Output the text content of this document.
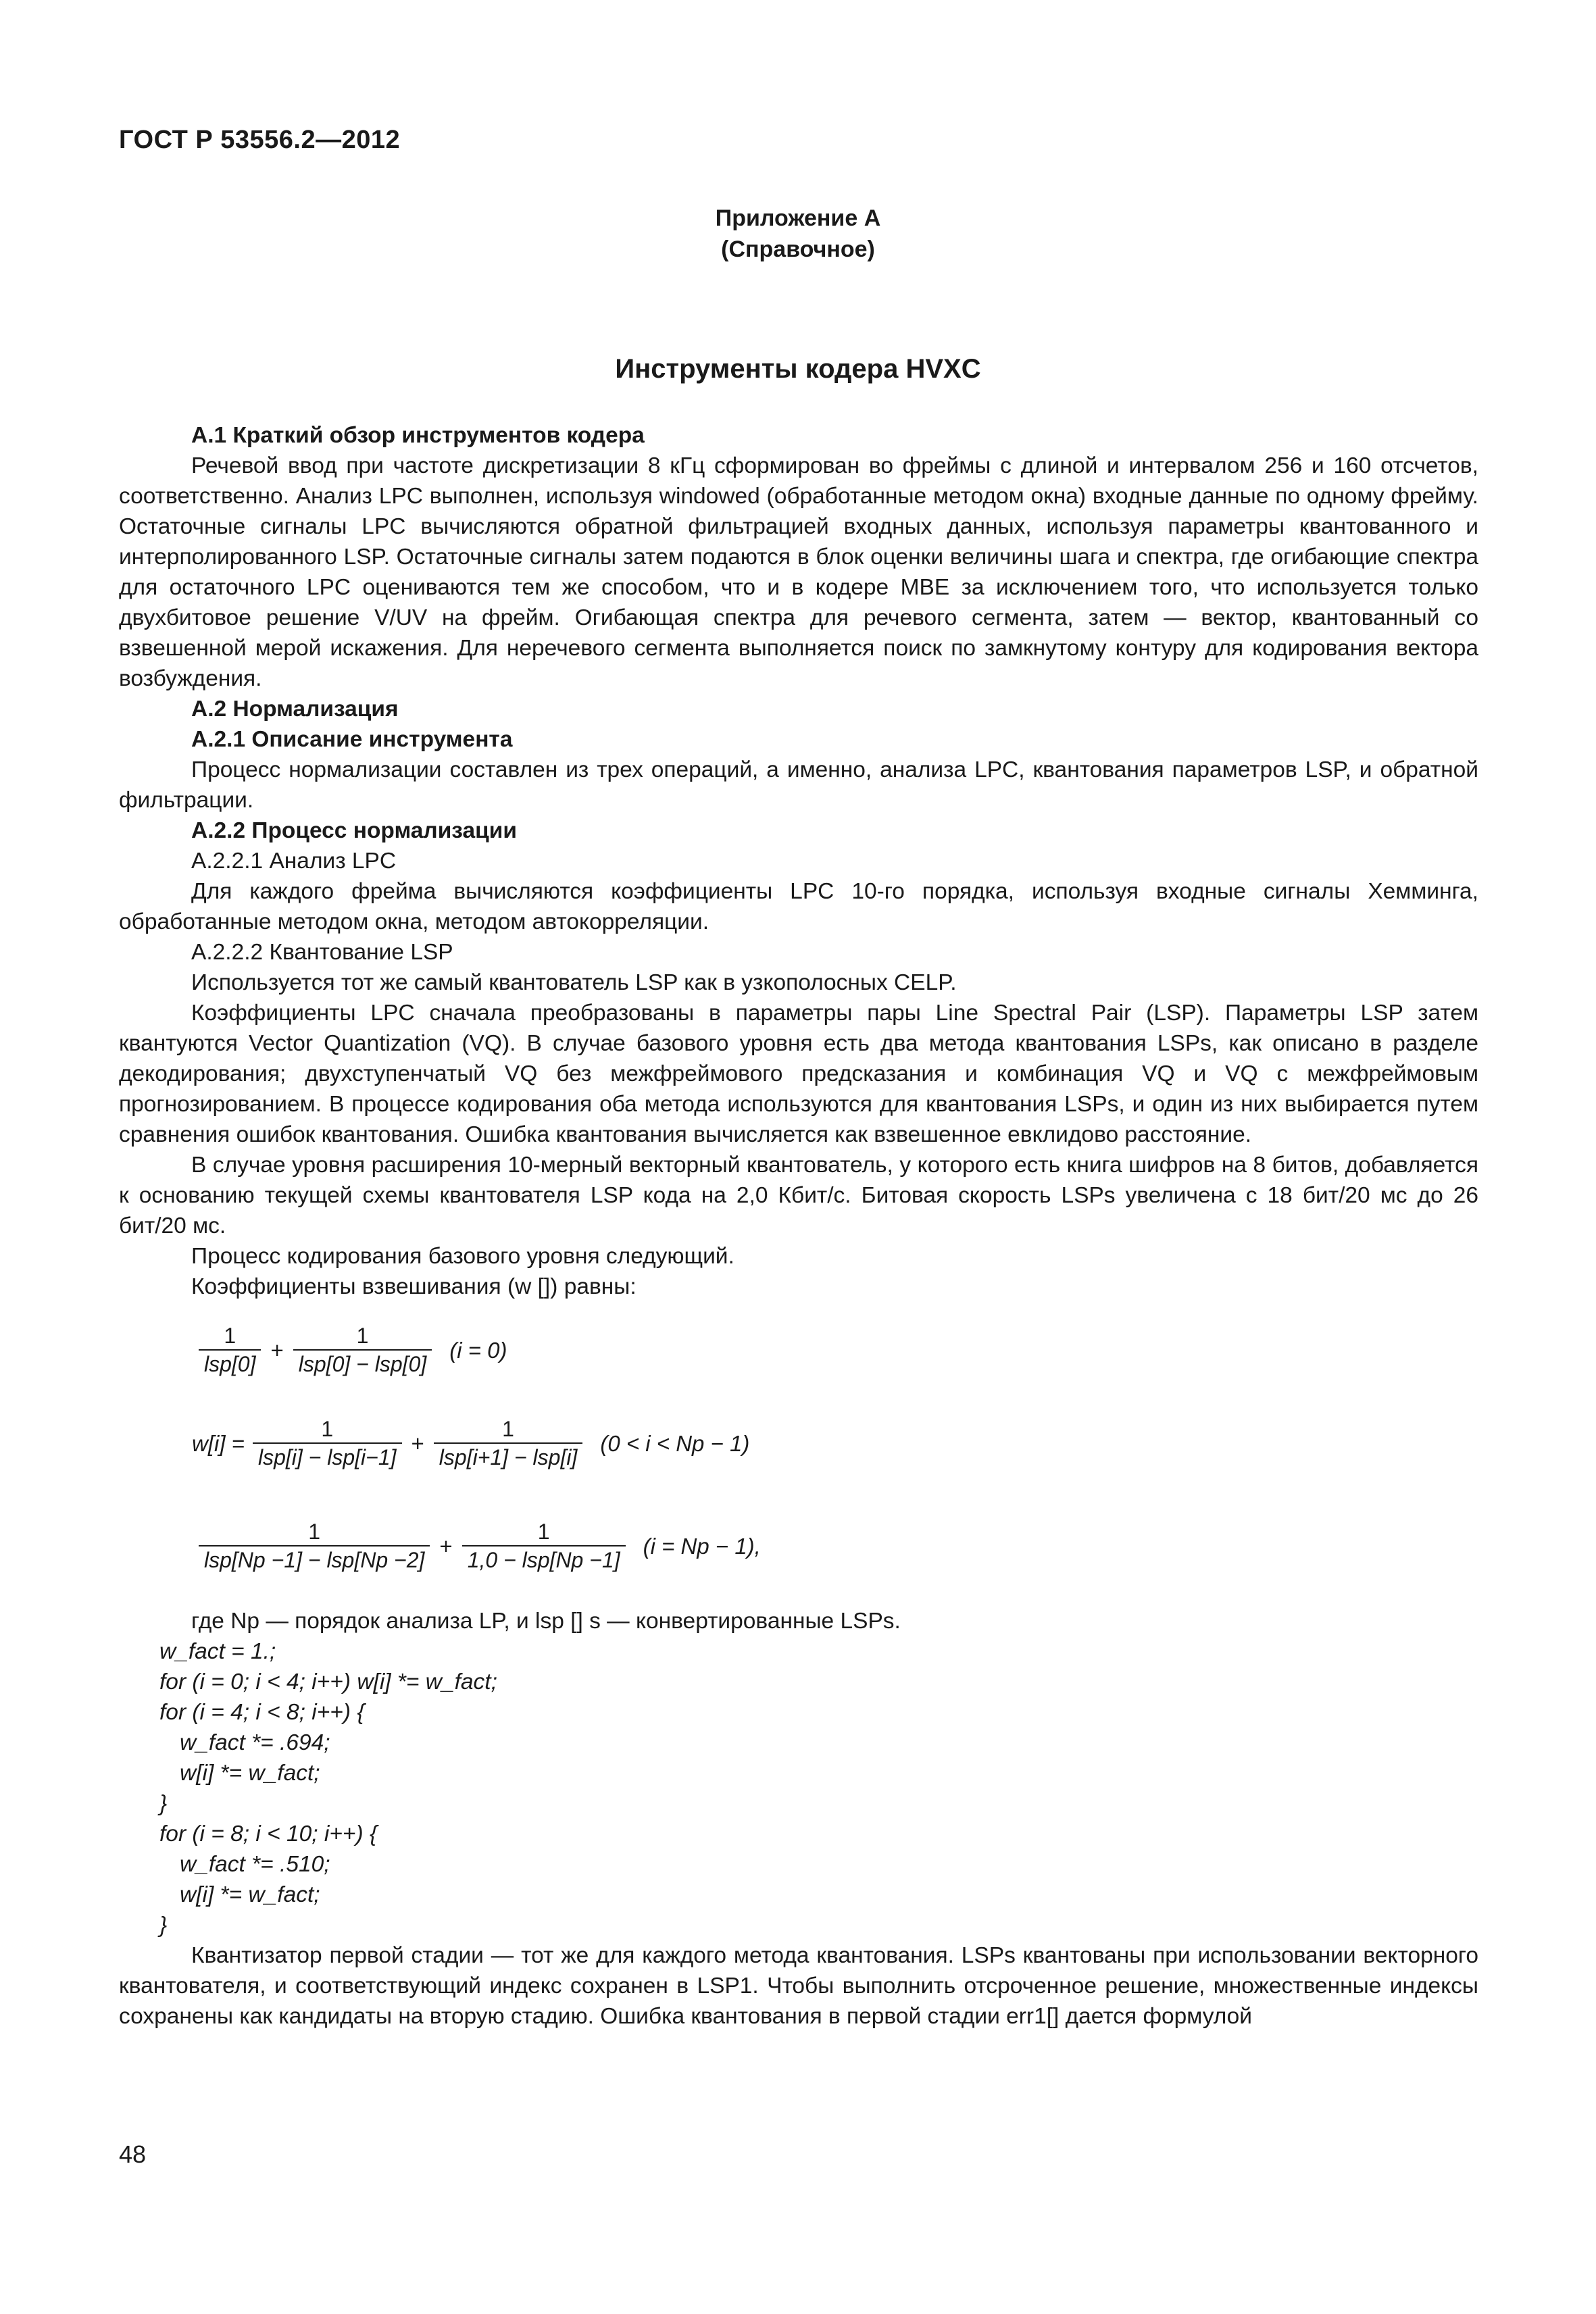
ГОСТ Р 53556.2—2012
Приложение А
(Справочное)
Инструменты кодера HVXC

А.1 Краткий обзор инструментов кодера

Речевой ввод при частоте дискретизации 8 кГц сформирован во фреймы с длиной и интервалом 256 и 160 отсчетов, соответственно. Анализ LPC выполнен, используя windowed (обработанные методом окна) входные данные по одному фрейму. Остаточные сигналы LPC вычисляются обратной фильтрацией входных данных, используя параметры квантованного и интерполированного LSP. Остаточные сигналы затем подаются в блок оценки величины шага и спектра, где огибающие спектра для остаточного LPC оцениваются тем же способом, что и в кодере MBE за исключением того, что используется только двухбитовое решение V/UV на фрейм. Огибающая спектра для речевого сегмента, затем — вектор, квантованный со взвешенной мерой искажения. Для неречевого сегмента выполняется поиск по замкнутому контуру для кодирования вектора возбуждения.

А.2 Нормализация

А.2.1 Описание инструмента

Процесс нормализации составлен из трех операций, а именно, анализа LPC, квантования параметров LSP, и обратной фильтрации.

А.2.2 Процесс нормализации

А.2.2.1 Анализ LPC

Для каждого фрейма вычисляются коэффициенты LPC 10-го порядка, используя входные сигналы Хемминга, обработанные методом окна, методом автокорреляции.

А.2.2.2 Квантование LSP

Используется тот же самый квантователь LSP как в узкополосных CELP.

Коэффициенты LPC сначала преобразованы в параметры пары Line Spectral Pair (LSP). Параметры LSP затем квантуются Vector Quantization (VQ). В случае базового уровня есть два метода квантования LSPs, как описано в разделе декодирования; двухступенчатый VQ без межфреймового предсказания и комбинация VQ и VQ с межфреймовым прогнозированием. В процессе кодирования оба метода используются для квантования LSPs, и один из них выбирается путем сравнения ошибок квантования. Ошибка квантования вычисляется как взвешенное евклидово расстояние.

В случае уровня расширения 10-мерный векторный квантователь, у которого есть книга шифров на 8 битов, добавляется к основанию текущей схемы квантователя LSP кода на 2,0 Кбит/с. Битовая скорость LSPs увеличена с 18 бит/20 мс до 26 бит/20 мс.

Процесс кодирования базового уровня следующий.

Коэффициенты взвешивания (w []) равны:

$\frac{1}{\text{lsp[0]}} + \frac{1}{\text{lsp[0] − lsp[0]}} (i = 0)$
$w[i] = \frac{1}{\text{lsp[i] − lsp[i−1]}} + \frac{1}{\text{lsp[i+1] − lsp[i]}} (0 < i < Np - 1)$
$\frac{1}{\text{lsp[Np −1] − lsp[Np −2]}} + \frac{1}{\text{1,0 − lsp[Np −1]}} (i = Np - 1)$,

где Np — порядок анализа LP, и lsp [] s — конвертированные LSPs.

w_fact = 1.;
for (i = 0; i < 4; i++) w[i] *= w_fact;
for (i = 4; i < 8; i++) {
w_fact *= .694;
w[i] *= w_fact;
}
for (i = 8; i < 10; i++) {
w_fact *= .510;
w[i] *= w_fact;
}

Квантизатор первой стадии — тот же для каждого метода квантования. LSPs квантованы при использовании векторного квантователя, и соответствующий индекс сохранен в LSP1. Чтобы выполнить отсроченное решение, множественные индексы сохранены как кандидаты на вторую стадию. Ошибка квантования в первой стадии err1[] дается формулой

48
